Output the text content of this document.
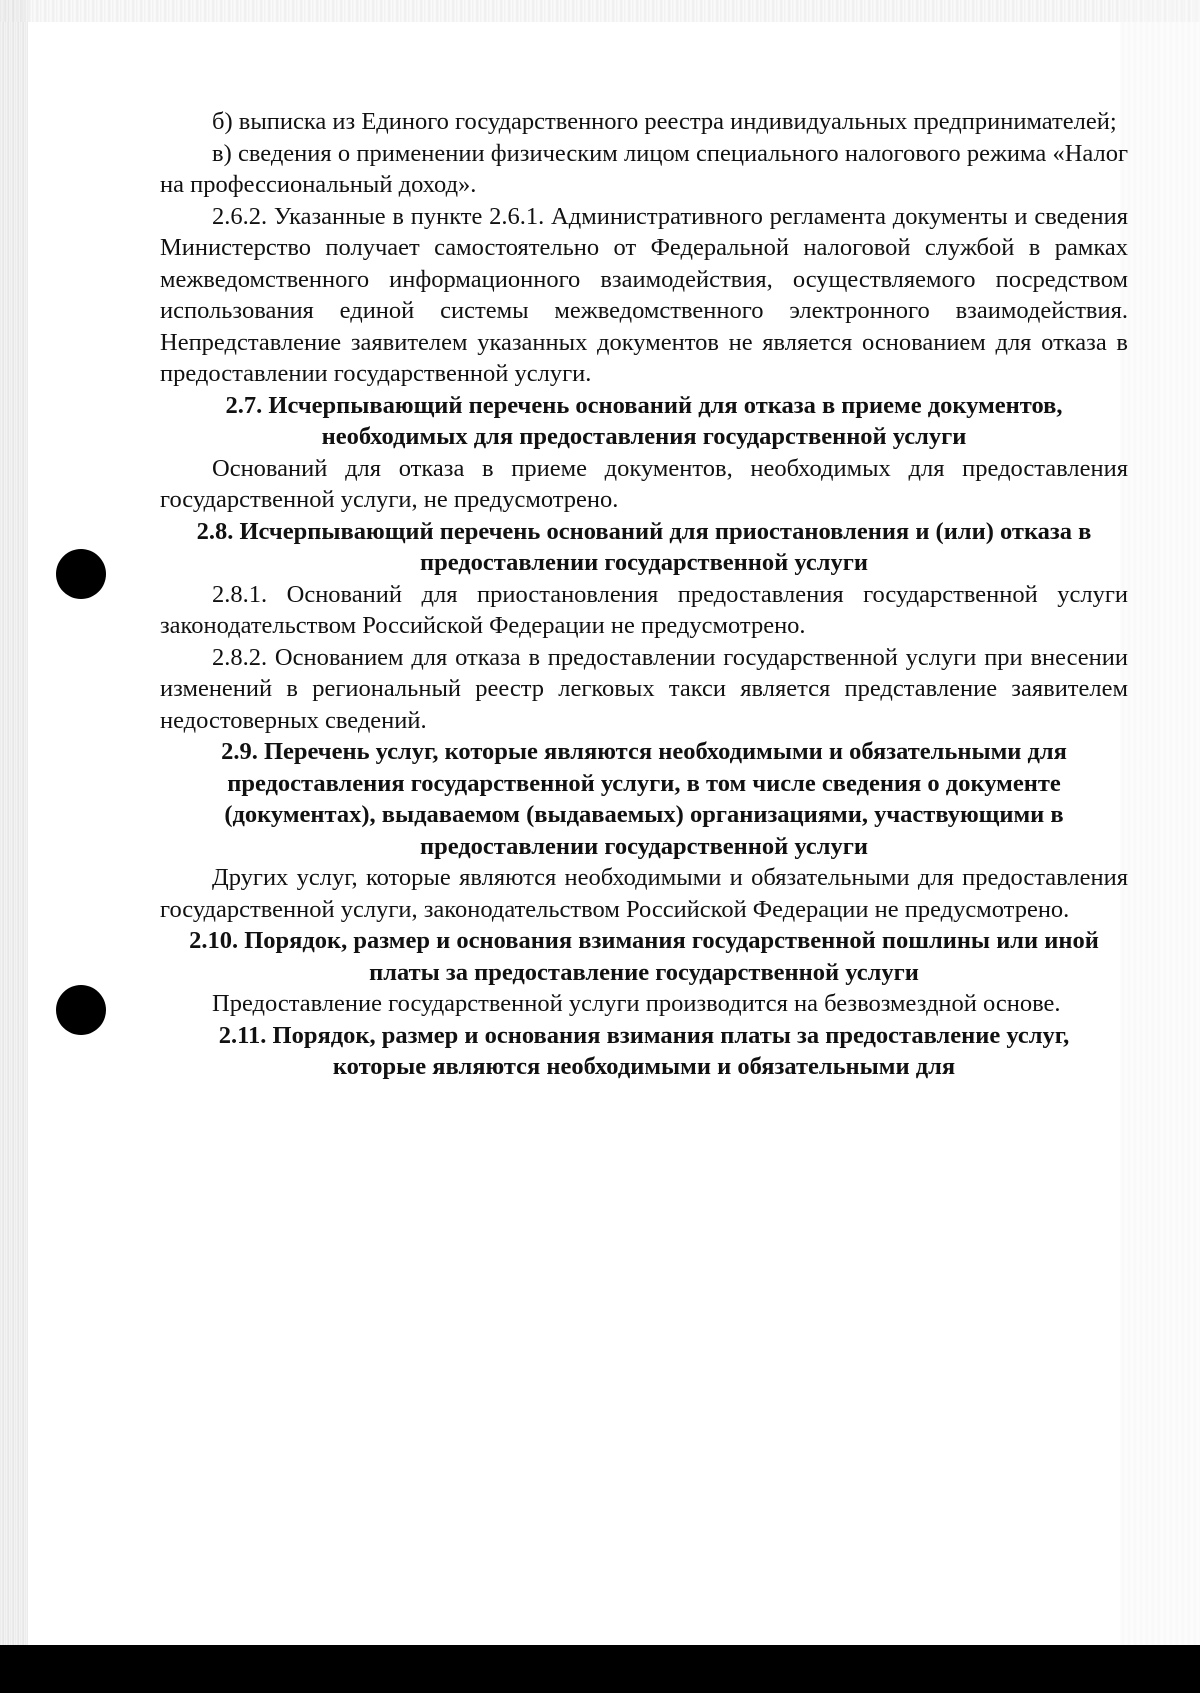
б) выписка из Единого государственного реестра индивидуальных предпринимателей;

в) сведения о применении физическим лицом специального налогового режима «Налог на профессиональный доход».

2.6.2. Указанные в пункте 2.6.1. Административного регламента документы и сведения Министерство получает самостоятельно от Федеральной налоговой службой в рамках межведомственного информационного взаимодействия, осуществляемого посредством использования единой системы межведомственного электронного взаимодействия. Непредставление заявителем указанных документов не является основанием для отказа в предоставлении государственной услуги.

2.7. Исчерпывающий перечень оснований для отказа в приеме документов, необходимых для предоставления государственной услуги

Оснований для отказа в приеме документов, необходимых для предоставления государственной услуги, не предусмотрено.

2.8. Исчерпывающий перечень оснований для приостановления и (или) отказа в предоставлении государственной услуги

2.8.1. Оснований для приостановления предоставления государственной услуги законодательством Российской Федерации не предусмотрено.

2.8.2. Основанием для отказа в предоставлении государственной услуги при внесении изменений в региональный реестр легковых такси является представление заявителем недостоверных сведений.

2.9. Перечень услуг, которые являются необходимыми и обязательными для предоставления государственной услуги, в том числе сведения о документе (документах), выдаваемом (выдаваемых) организациями, участвующими в предоставлении государственной услуги

Других услуг, которые являются необходимыми и обязательными для предоставления государственной услуги, законодательством Российской Федерации не предусмотрено.

2.10. Порядок, размер и основания взимания государственной пошлины или иной платы за предоставление государственной услуги

Предоставление государственной услуги производится на безвозмездной основе.

2.11. Порядок, размер и основания взимания платы за предоставление услуг, которые являются необходимыми и обязательными для
